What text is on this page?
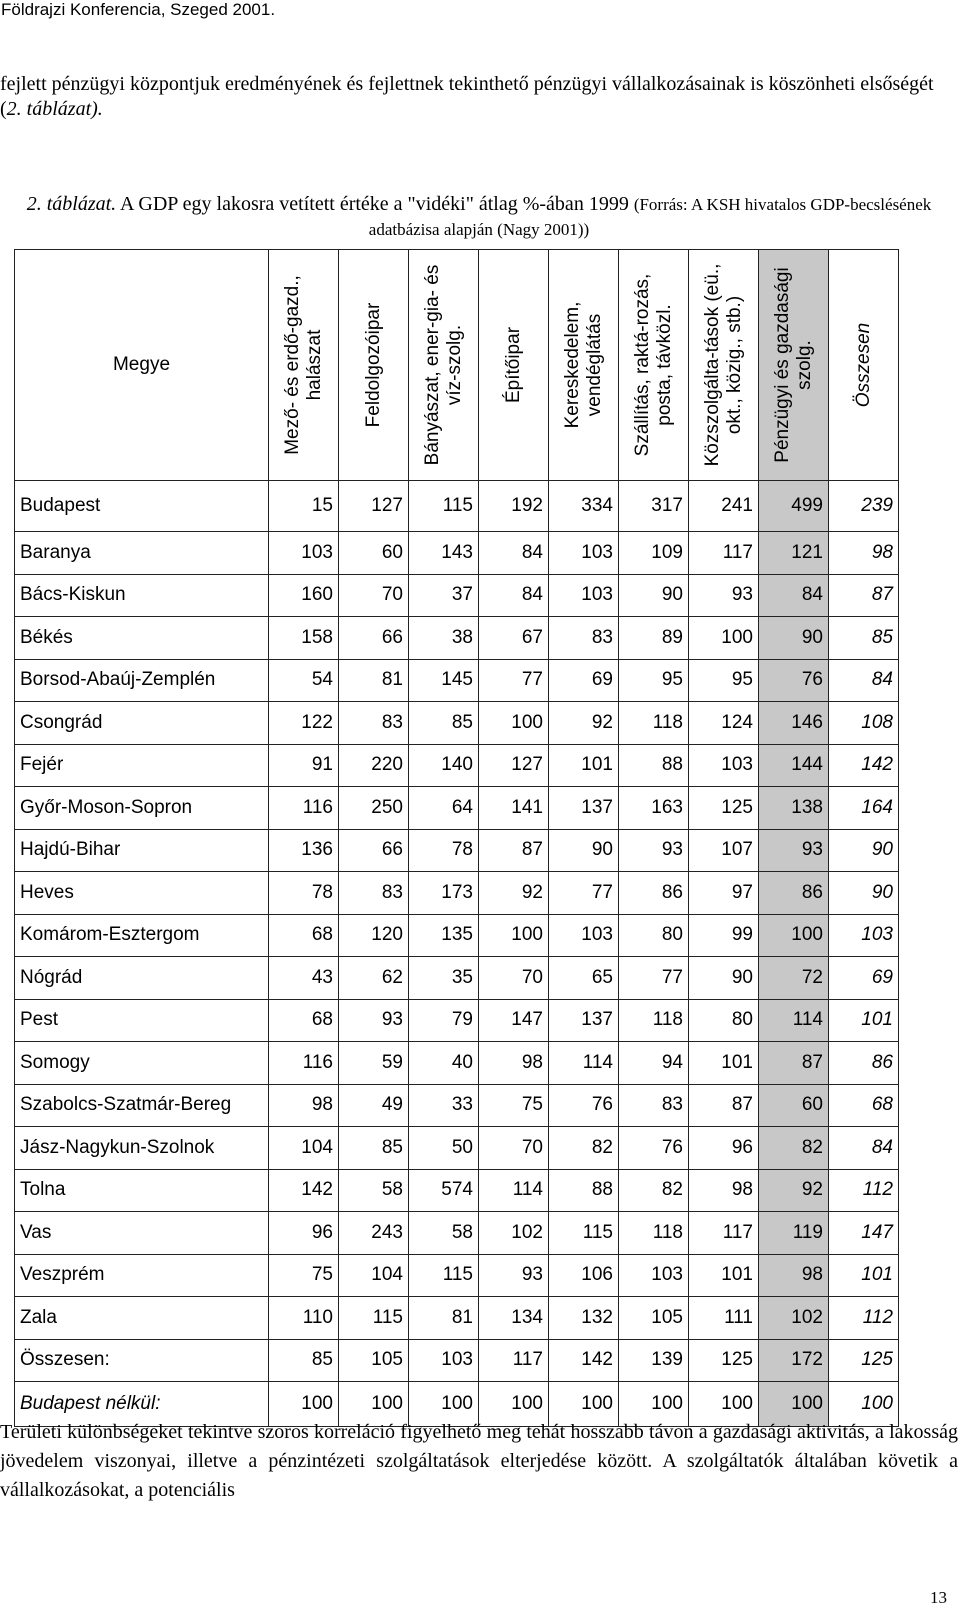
Földrajzi Konferencia, Szeged 2001.
fejlett pénzügyi központjuk eredményének és fejlettnek tekinthető pénzügyi vállalkozásainak is köszönheti elsőségét (2. táblázat).
2. táblázat. A GDP egy lakosra vetített értéke a "vidéki" átlag %-ában 1999 (Forrás: A KSH hivatalos GDP-becslésének adatbázisa alapján (Nagy 2001))
Megye	Mező- és erdő-gazd., halászat	Feldolgozóipar	Bányászat, ener-gia- és víz-szolg.	Építőipar	Kereskedelem, vendéglátás	Szállítás, raktá-rozás, posta, távközl.	Közszolgálta-tások (eü., okt., közig., stb.)	Pénzügyi és gazdasági szolg.	Összesen

Budapest	15	127	115	192	334	317	241	499	239
Baranya	103	60	143	84	103	109	117	121	98
Bács-Kiskun	160	70	37	84	103	90	93	84	87
Békés	158	66	38	67	83	89	100	90	85
Borsod-Abaúj-Zemplén	54	81	145	77	69	95	95	76	84
Csongrád	122	83	85	100	92	118	124	146	108
Fejér	91	220	140	127	101	88	103	144	142
Győr-Moson-Sopron	116	250	64	141	137	163	125	138	164
Hajdú-Bihar	136	66	78	87	90	93	107	93	90
Heves	78	83	173	92	77	86	97	86	90
Komárom-Esztergom	68	120	135	100	103	80	99	100	103
Nógrád	43	62	35	70	65	77	90	72	69
Pest	68	93	79	147	137	118	80	114	101
Somogy	116	59	40	98	114	94	101	87	86
Szabolcs-Szatmár-Bereg	98	49	33	75	76	83	87	60	68
Jász-Nagykun-Szolnok	104	85	50	70	82	76	96	82	84
Tolna	142	58	574	114	88	82	98	92	112
Vas	96	243	58	102	115	118	117	119	147
Veszprém	75	104	115	93	106	103	101	98	101
Zala	110	115	81	134	132	105	111	102	112
Összesen:	85	105	103	117	142	139	125	172	125
Budapest nélkül:	100	100	100	100	100	100	100	100	100
Területi különbségeket tekintve szoros korreláció figyelhető meg tehát hosszabb távon a gazdasági aktivitás, a lakosság jövedelem viszonyai, illetve a pénzintézeti szolgáltatások elterjedése között. A szolgáltatók általában követik a vállalkozásokat, a potenciális
13
